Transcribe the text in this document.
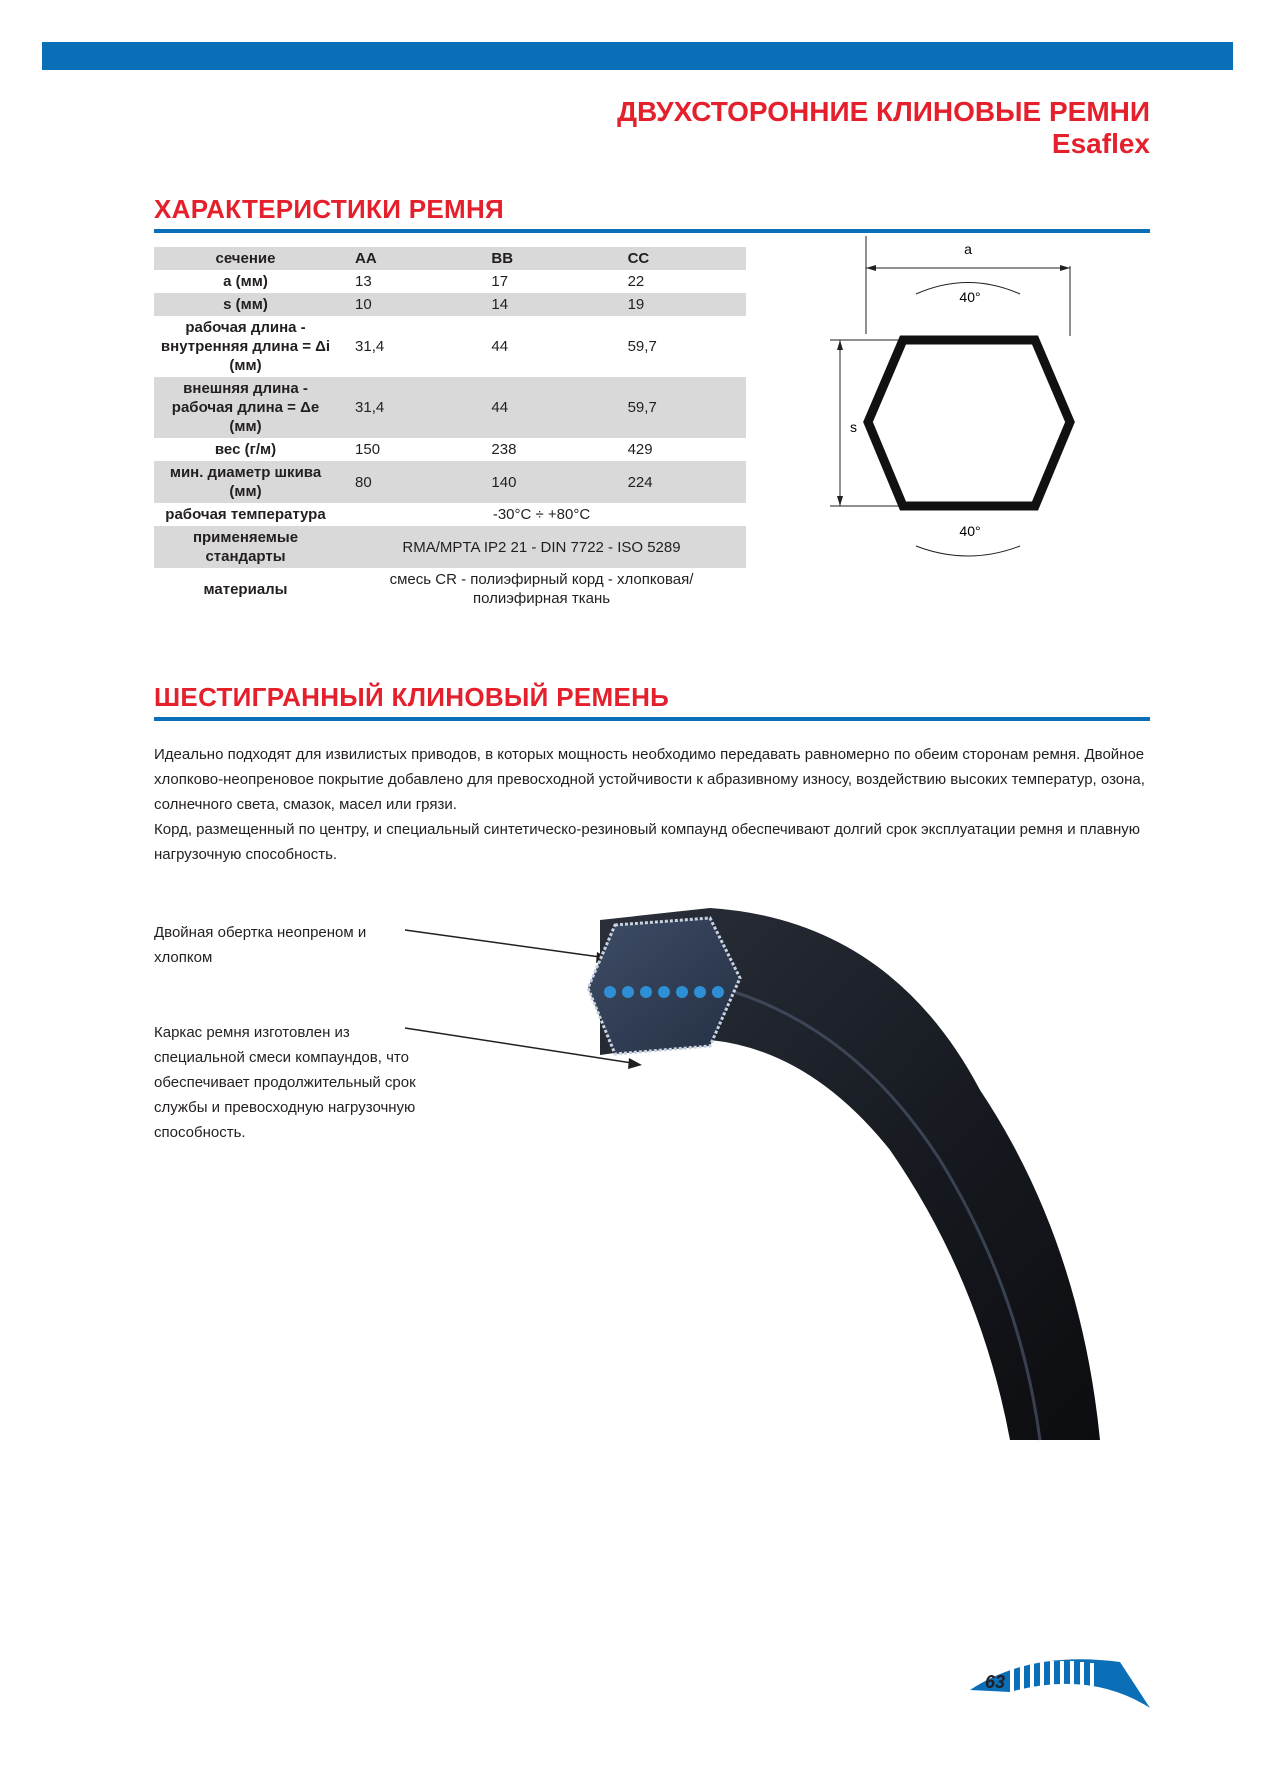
ДВУХСТОРОННИЕ КЛИНОВЫЕ РЕМНИ
Esaflex
ХАРАКТЕРИСТИКИ РЕМНЯ
сечение	AA	BB	CC
a (мм)	13	17	22
s (мм)	10	14	19
рабочая длина - внутренняя длина = Δi (мм)	31,4	44	59,7
внешняя длина - рабочая длина = Δe (мм)	31,4	44	59,7
вес (г/м)	150	238	429
мин. диаметр шкива (мм)	80	140	224
рабочая температура	-30°C ÷ +80°C		
применяемые стандарты	RMA/MPTA IP2 21 - DIN 7722 - ISO 5289		
материалы	смесь CR - полиэфирный корд - хлопковая/ полиэфирная ткань		
a
40°
s
40°
ШЕСТИГРАННЫЙ КЛИНОВЫЙ РЕМЕНЬ

Идеально подходят для извилистых приводов, в которых мощность необходимо передавать равномерно по обеим сторонам ремня. Двойное хлопково-неопреновое покрытие добавлено для превосходной устойчивости к абразивному износу, воздействию высоких температур, озона, солнечного света, смазок, масел или грязи.

Корд, размещенный по центру, и специальный синтетическо-резиновый компаунд обеспечивают долгий срок эксплуатации ремня и плавную нагрузочную способность.

Двойная обертка неопреном и хлопком
Каркас ремня изготовлен из специальной смеси компаундов, что обеспечивает продолжительный срок службы и превосходную нагрузочную способность.
63
